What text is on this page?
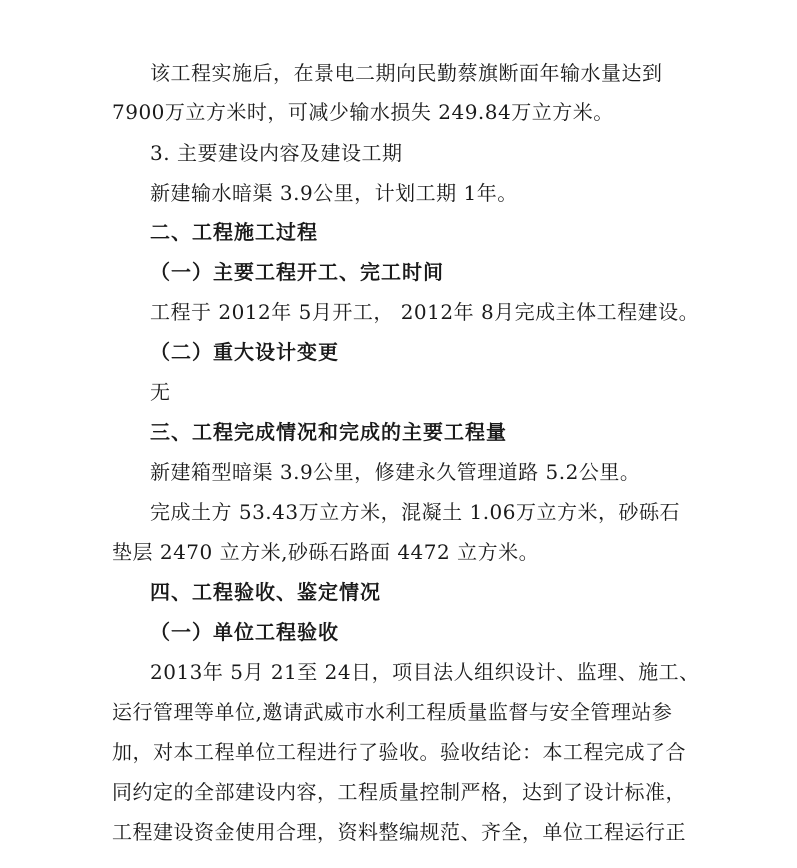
该工程实施后，在景电二期向民勤蔡旗断面年输水量达到
7900万立方米时，可减少输水损失 249.84万立方米。
3. 主要建设内容及建设工期
新建输水暗渠 3.9公里，计划工期 1年。
二、工程施工过程
（一）主要工程开工、完工时间
工程于 2012年 5月开工， 2012年 8月完成主体工程建设。
（二）重大设计变更
无
三、工程完成情况和完成的主要工程量
新建箱型暗渠 3.9公里，修建永久管理道路 5.2公里。
完成土方 53.43万立方米，混凝土 1.06万立方米，砂砾石
垫层 2470 立方米,砂砾石路面 4472 立方米。
四、工程验收、鉴定情况
（一）单位工程验收
2013年 5月 21至 24日，项目法人组织设计、监理、施工、
运行管理等单位,邀请武威市水利工程质量监督与安全管理站参
加，对本工程单位工程进行了验收。验收结论：本工程完成了合
同约定的全部建设内容，工程质量控制严格，达到了设计标准，
工程建设资金使用合理，资料整编规范、齐全，单位工程运行正
